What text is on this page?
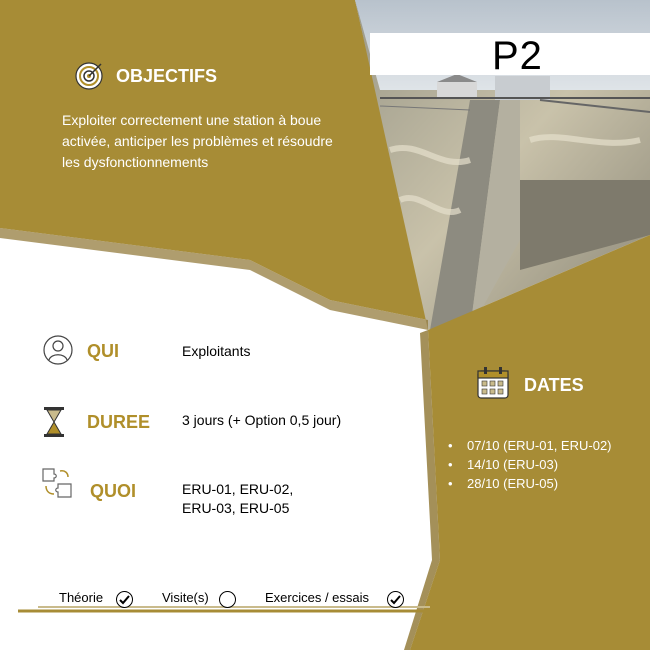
OBJECTIFS
Exploiter correctement une station à boue activée, anticiper les problèmes et résoudre les dysfonctionnements
P2
QUI	Exploitants
DUREE 3 jours (+ Option 0,5 jour)
QUOI	ERU-01, ERU-02,
ERU-03, ERU-05
DATES
• 07/10 (ERU-01, ERU-02)
• 14/10 (ERU-03)
• 28/10 (ERU-05)
Théorie	Visite(s)	Exercices / essais
